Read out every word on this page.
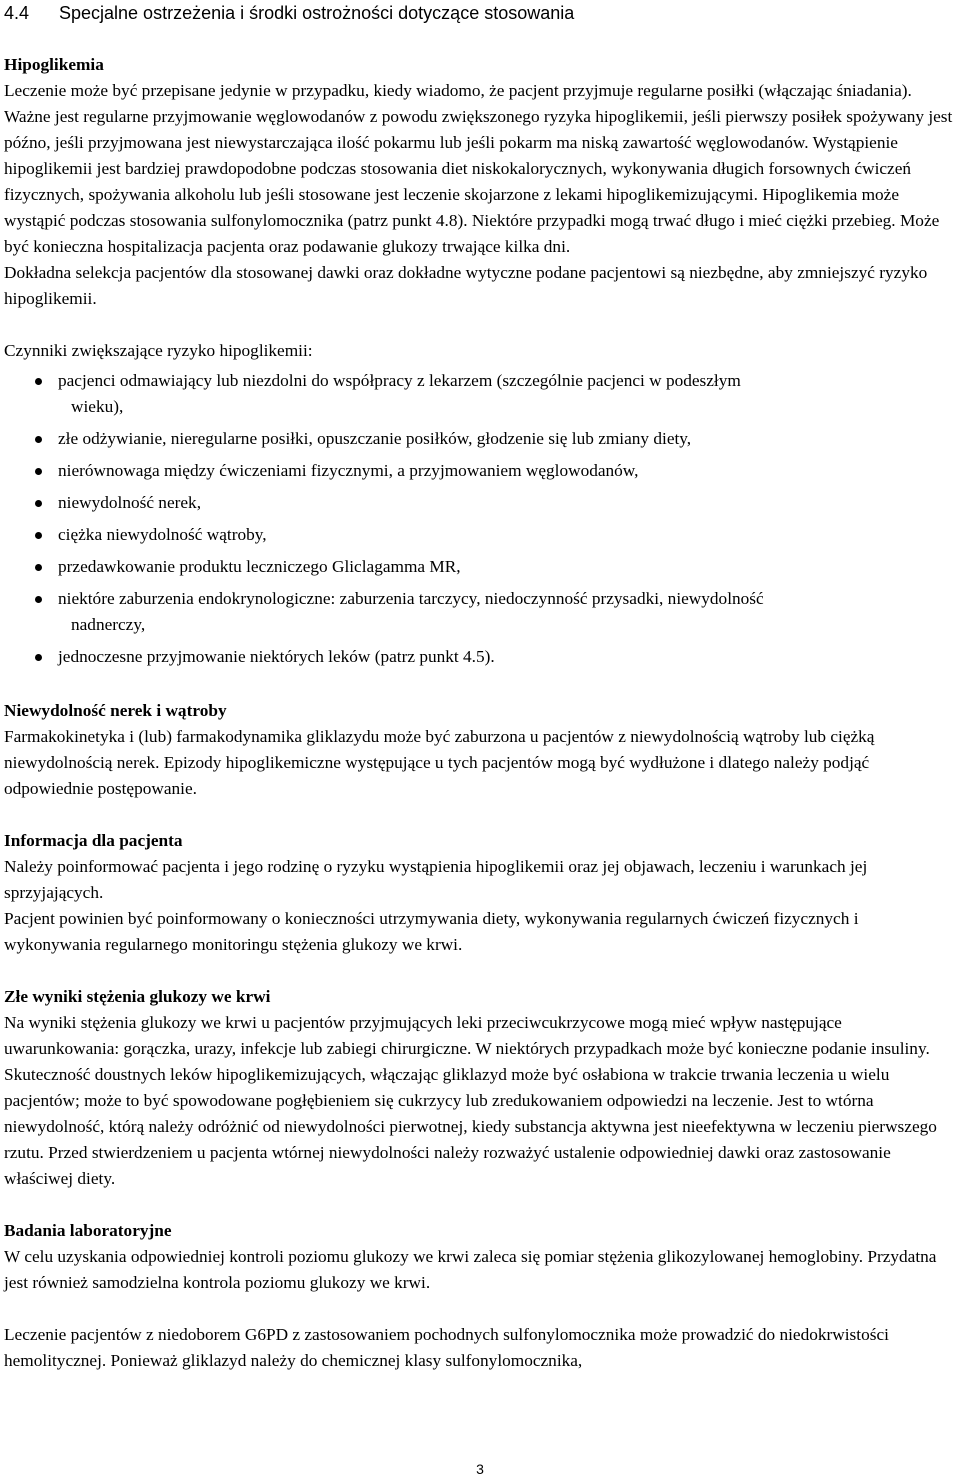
4.4 Specjalne ostrzeżenia i środki ostrożności dotyczące stosowania

Hipoglikemia

Leczenie może być przepisane jedynie w przypadku, kiedy wiadomo, że pacjent przyjmuje regularne posiłki (włączając śniadania). Ważne jest regularne przyjmowanie węglowodanów z powodu zwiększonego ryzyka hipoglikemii, jeśli pierwszy posiłek spożywany jest późno, jeśli przyjmowana jest niewystarczająca ilość pokarmu lub jeśli pokarm ma niską zawartość węglowodanów. Wystąpienie hipoglikemii jest bardziej prawdopodobne podczas stosowania diet niskokalorycznych, wykonywania długich forsownych ćwiczeń fizycznych, spożywania alkoholu lub jeśli stosowane jest leczenie skojarzone z lekami hipoglikemizującymi. Hipoglikemia może wystąpić podczas stosowania sulfonylomocznika (patrz punkt 4.8). Niektóre przypadki mogą trwać długo i mieć ciężki przebieg. Może być konieczna hospitalizacja pacjenta oraz podawanie glukozy trwające kilka dni.

Dokładna selekcja pacjentów dla stosowanej dawki oraz dokładne wytyczne podane pacjentowi są niezbędne, aby zmniejszyć ryzyko hipoglikemii.

Czynniki zwiększające ryzyko hipoglikemii:

pacjenci odmawiający lub niezdolni do współpracy z lekarzem (szczególnie pacjenci w podeszłym
wieku),
złe odżywianie, nieregularne posiłki, opuszczanie posiłków, głodzenie się lub zmiany diety,
nierównowaga między ćwiczeniami fizycznymi, a przyjmowaniem węglowodanów,
niewydolność nerek,
ciężka niewydolność wątroby,
przedawkowanie produktu leczniczego Gliclagamma MR,
niektóre zaburzenia endokrynologiczne: zaburzenia tarczycy, niedoczynność przysadki, niewydolność
nadnerczy,
jednoczesne przyjmowanie niektórych leków (patrz punkt 4.5).

Niewydolność nerek i wątroby

Farmakokinetyka i (lub) farmakodynamika gliklazydu może być zaburzona u pacjentów z niewydolnością wątroby lub ciężką niewydolnością nerek. Epizody hipoglikemiczne występujące u tych pacjentów mogą być wydłużone i dlatego należy podjąć odpowiednie postępowanie.

Informacja dla pacjenta

Należy poinformować pacjenta i jego rodzinę o ryzyku wystąpienia hipoglikemii oraz jej objawach, leczeniu i warunkach jej sprzyjających.

Pacjent powinien być poinformowany o konieczności utrzymywania diety, wykonywania regularnych ćwiczeń fizycznych i wykonywania regularnego monitoringu stężenia glukozy we krwi.

Złe wyniki stężenia glukozy we krwi

Na wyniki stężenia glukozy we krwi u pacjentów przyjmujących leki przeciwcukrzycowe mogą mieć wpływ następujące uwarunkowania: gorączka, urazy, infekcje lub zabiegi chirurgiczne. W niektórych przypadkach może być konieczne podanie insuliny.

Skuteczność doustnych leków hipoglikemizujących, włączając gliklazyd może być osłabiona w trakcie trwania leczenia u wielu pacjentów; może to być spowodowane pogłębieniem się cukrzycy lub zredukowaniem odpowiedzi na leczenie. Jest to wtórna niewydolność, którą należy odróżnić od niewydolności pierwotnej, kiedy substancja aktywna jest nieefektywna w leczeniu pierwszego rzutu. Przed stwierdzeniem u pacjenta wtórnej niewydolności należy rozważyć ustalenie odpowiedniej dawki oraz zastosowanie właściwej diety.

Badania laboratoryjne

W celu uzyskania odpowiedniej kontroli poziomu glukozy we krwi zaleca się pomiar stężenia glikozylowanej hemoglobiny. Przydatna jest również samodzielna kontrola poziomu glukozy we krwi.

Leczenie pacjentów z niedoborem G6PD z zastosowaniem pochodnych sulfonylomocznika może prowadzić do niedokrwistości hemolitycznej. Ponieważ gliklazyd należy do chemicznej klasy sulfonylomocznika,

3
